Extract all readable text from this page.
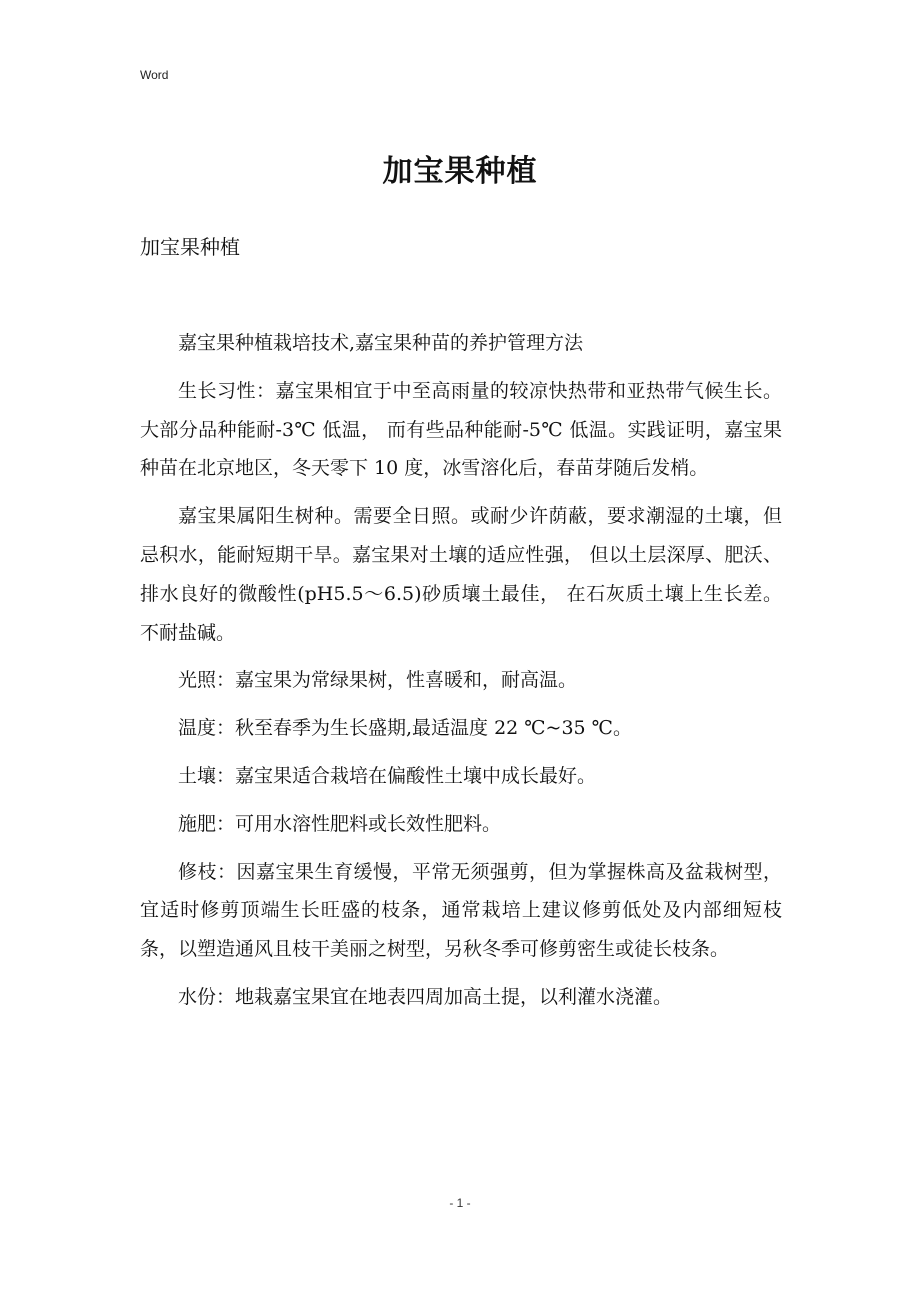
Word
加宝果种植
加宝果种植

嘉宝果种植栽培技术,嘉宝果种苗的养护管理方法

生长习性：嘉宝果相宜于中至高雨量的较凉快热带和亚热带气候生长。大部分品种能耐-3℃ 低温， 而有些品种能耐-5℃ 低温。实践证明，嘉宝果种苗在北京地区，冬天零下 10 度，冰雪溶化后，春苗芽随后发梢。

嘉宝果属阳生树种。需要全日照。或耐少许荫蔽，要求潮湿的土壤，但忌积水，能耐短期干旱。嘉宝果对土壤的适应性强， 但以土层深厚、肥沃、排水良好的微酸性(pH5.5～6.5)砂质壤土最佳， 在石灰质土壤上生长差。不耐盐碱。

光照：嘉宝果为常绿果树，性喜暖和，耐高温。

温度：秋至春季为生长盛期,最适温度 22 ℃~35 ℃。

土壤：嘉宝果适合栽培在偏酸性土壤中成长最好。

施肥：可用水溶性肥料或长效性肥料。

修枝：因嘉宝果生育缓慢，平常无须强剪，但为掌握株高及盆栽树型，宜适时修剪顶端生长旺盛的枝条，通常栽培上建议修剪低处及内部细短枝条，以塑造通风且枝干美丽之树型，另秋冬季可修剪密生或徒长枝条。

水份：地栽嘉宝果宜在地表四周加高土提，以利灌水浇灌。

- 1 -
